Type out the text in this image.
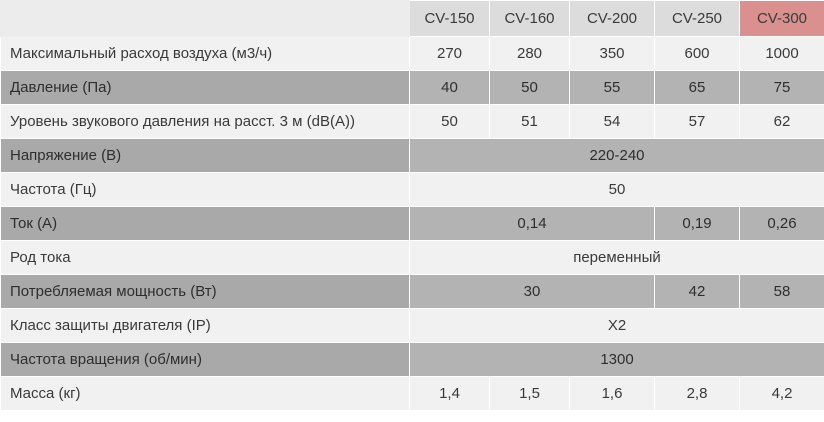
	CV-150	CV-160	CV-200	CV-250	CV-300
Максимальный расход воздуха (м3/ч)	270	280	350	600	1000
Давление (Па)	40	50	55	65	75
Уровень звукового давления на расст. 3 м (dB(A))	50	51	54	57	62
Напряжение (В)	220-240				
Частота (Гц)	50				
Ток (А)	0,14			0,19	0,26
Род тока	переменный				
Потребляемая мощность (Вт)	30			42	58
Класс защиты двигателя (IP)	X2				
Частота вращения (об/мин)	1300				
Масса (кг)	1,4	1,5	1,6	2,8	4,2
